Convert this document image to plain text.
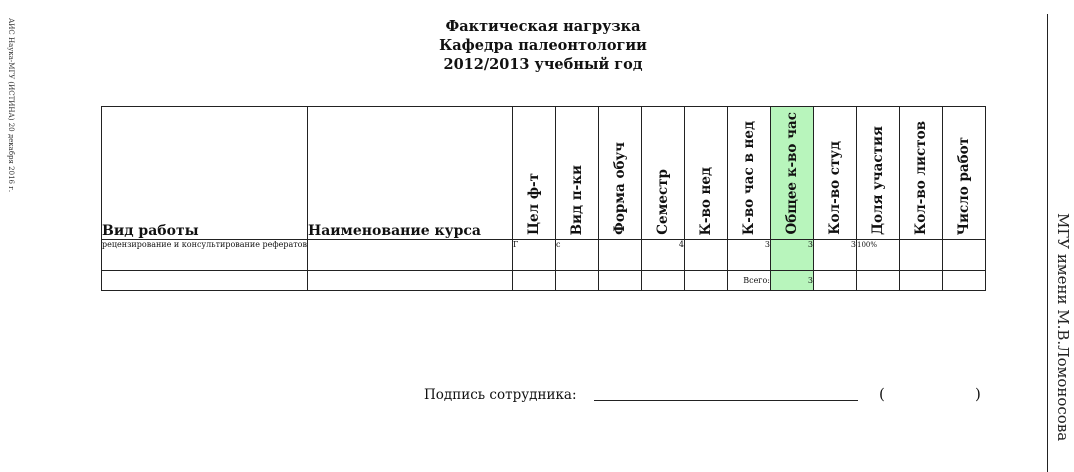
АИС Наука-МГУ (ИСТИНА) 20 декабря 2016 г.
МГУ имени М.В.Ломоносова
Фактическая нагрузка
Кафедра палеонтологии
2012/2013 учебный год
Вид работы	Наименование курса	Цел ф-т	Вид п-ки	Форма обуч	Семестр	К-во нед	К-во час в нед	Общее к-во час	Кол-во студ	Доля участия	Кол-во листов	Число работ

рецензирование и консультирование рефератов		Г	с		4		3	3	3	100%		
							Всего:	3				
Подпись сотрудника:	(	)
